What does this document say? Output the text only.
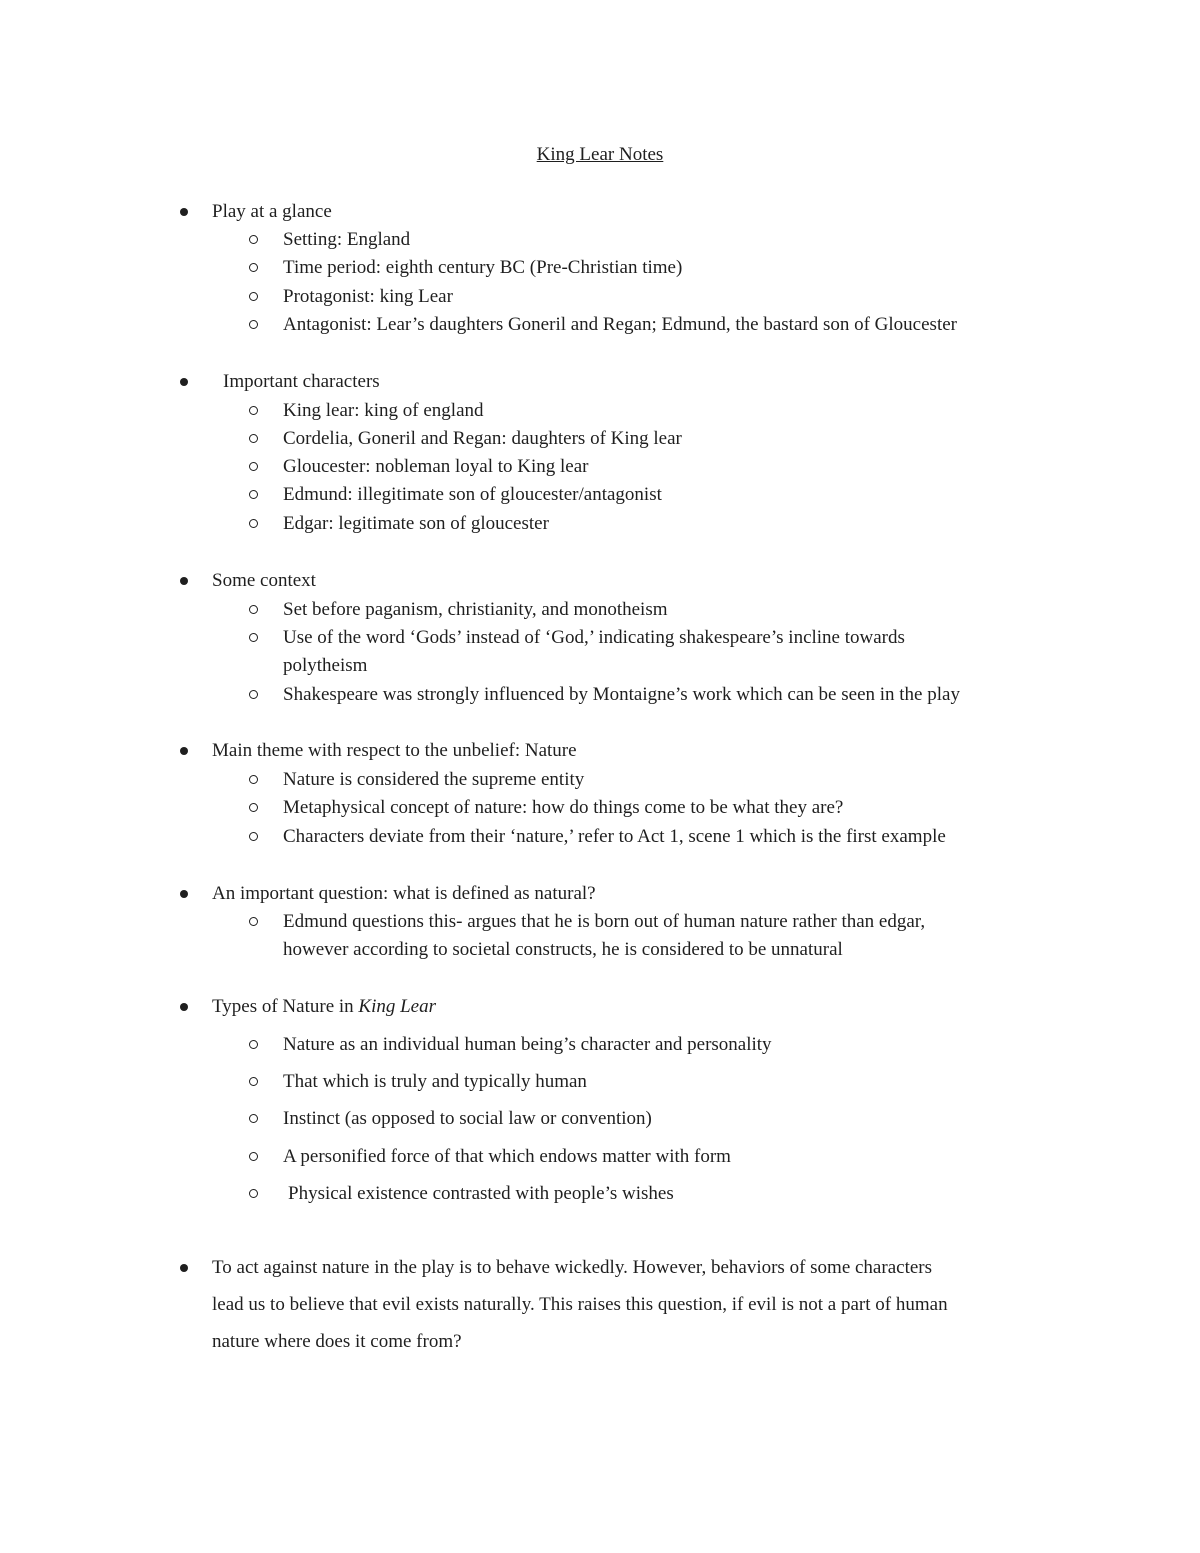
King Lear Notes
Play at a glance
Setting: England
Time period: eighth century BC (Pre-Christian time)
Protagonist: king Lear
Antagonist: Lear’s daughters Goneril and Regan; Edmund, the bastard son of Gloucester
Important characters
King lear: king of england
Cordelia, Goneril and Regan: daughters of King lear
Gloucester: nobleman loyal to King lear
Edmund: illegitimate son of gloucester/antagonist
Edgar: legitimate son of gloucester
Some context
Set before paganism, christianity, and monotheism
Use of the word ‘Gods’ instead of ‘God,’ indicating shakespeare’s incline towards
polytheism
Shakespeare was strongly influenced by Montaigne’s work which can be seen in the play
Main theme with respect to the unbelief: Nature
Nature is considered the supreme entity
Metaphysical concept of nature: how do things come to be what they are?
Characters deviate from their ‘nature,’ refer to Act 1, scene 1 which is the first example
An important question: what is defined as natural?
Edmund questions this- argues that he is born out of human nature rather than edgar,
however according to societal constructs, he is considered to be unnatural
Types of Nature in King Lear
Nature as an individual human being’s character and personality
That which is truly and typically human
Instinct (as opposed to social law or convention)
A personified force of that which endows matter with form
Physical existence contrasted with people’s wishes
To act against nature in the play is to behave wickedly. However, behaviors of some characters
lead us to believe that evil exists naturally. This raises this question, if evil is not a part of human
nature where does it come from?
